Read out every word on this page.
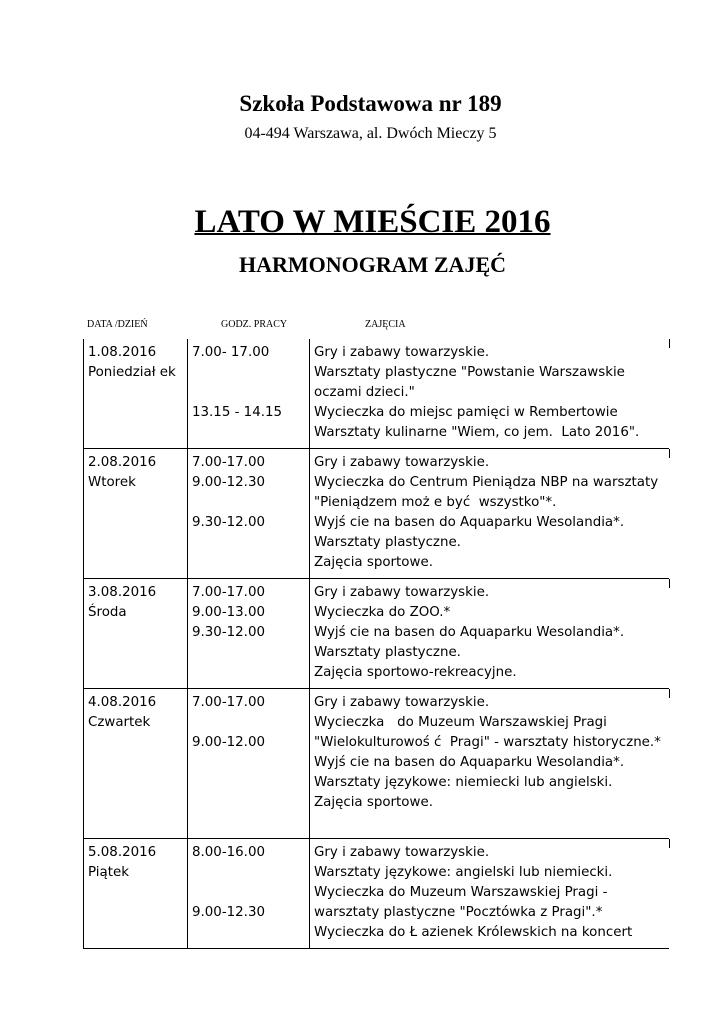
Szkoła Podstawowa nr 189
04-494 Warszawa, al. Dwóch Mieczy 5
LATO W MIEŚCIE 2016
HARMONOGRAM ZAJĘĆ
DATA /DZIEŃ	GODZ. PRACY	ZAJĘCIA
1.08.2016
Poniedział ek
7.00- 17.00
13.15 - 14.15
Gry i zabawy towarzyskie.
Warsztaty plastyczne "Powstanie Warszawskie
oczami dzieci."
Wycieczka do miejsc pamięci w Rembertowie
Warsztaty kulinarne "Wiem, co jem.  Lato 2016".
2.08.2016
Wtorek
7.00-17.00
9.00-12.30
9.30-12.00
Gry i zabawy towarzyskie.
Wycieczka do Centrum Pieniądza NBP na warsztaty
"Pieniądzem moż e być  wszystko"*.
Wyjś cie na basen do Aquaparku Wesolandia*.
Warsztaty plastyczne.
Zajęcia sportowe.
3.08.2016
Środa
7.00-17.00
9.00-13.00
9.30-12.00
Gry i zabawy towarzyskie.
Wycieczka do ZOO.*
Wyjś cie na basen do Aquaparku Wesolandia*.
Warsztaty plastyczne.
Zajęcia sportowo-rekreacyjne.
4.08.2016
Czwartek
7.00-17.00
9.00-12.00
Gry i zabawy towarzyskie.
Wycieczka   do Muzeum Warszawskiej Pragi
"Wielokulturowoś ć  Pragi" - warsztaty historyczne.*
Wyjś cie na basen do Aquaparku Wesolandia*.
Warsztaty językowe: niemiecki lub angielski.
Zajęcia sportowe.
5.08.2016
Piątek
8.00-16.00
9.00-12.30
Gry i zabawy towarzyskie.
Warsztaty językowe: angielski lub niemiecki.
Wycieczka do Muzeum Warszawskiej Pragi -
warsztaty plastyczne "Pocztówka z Pragi".*
Wycieczka do Ł azienek Królewskich na koncert
